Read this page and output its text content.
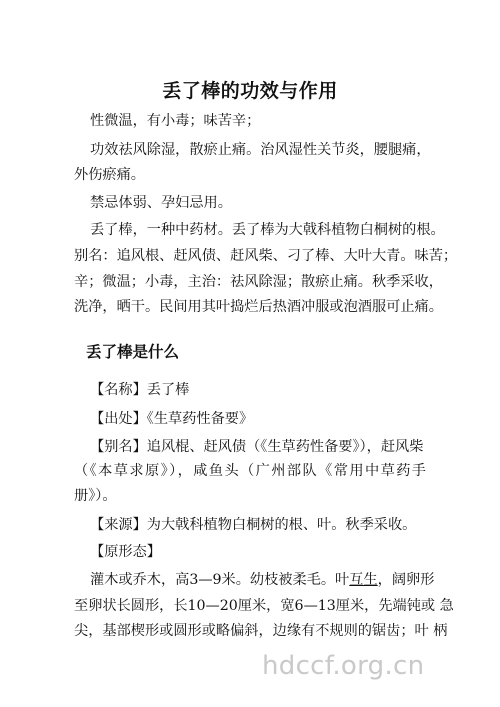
丢了棒的功效与作用
性微温，有小毒；味苦辛；
功效祛风除湿，散瘀止痛。治风湿性关节炎，腰腿痛，
外伤瘀痛。
禁忌体弱、孕妇忌用。
丢了棒，一种中药材。丢了棒为大戟科植物白桐树的根。
别名：追风根、赶风债、赶风柴、刁了棒、大叶大青。味苦；
辛；微温；小毒，主治：祛风除湿；散瘀止痛。秋季采收，
洗净，晒干。民间用其叶捣烂后热酒冲服或泡酒服可止痛。
丢了棒是什么
【名称】丢了棒
【出处】《生草药性备要》
【别名】追风棍、赶风债（《生草药性备要》），赶风柴
（《本草求原》），咸鱼头（广州部队《常用中草药手
册》）。
【来源】为大戟科植物白桐树的根、叶。秋季采收。
【原形态】
灌木或乔木，高3—9米。幼枝被柔毛。叶互生，阔卵形
至卵状长圆形，长10—20厘米，宽6—13厘米，先端钝或 急
尖，基部楔形或圆形或略偏斜，边缘有不规则的锯齿；叶 柄
hdccf.org.cn
